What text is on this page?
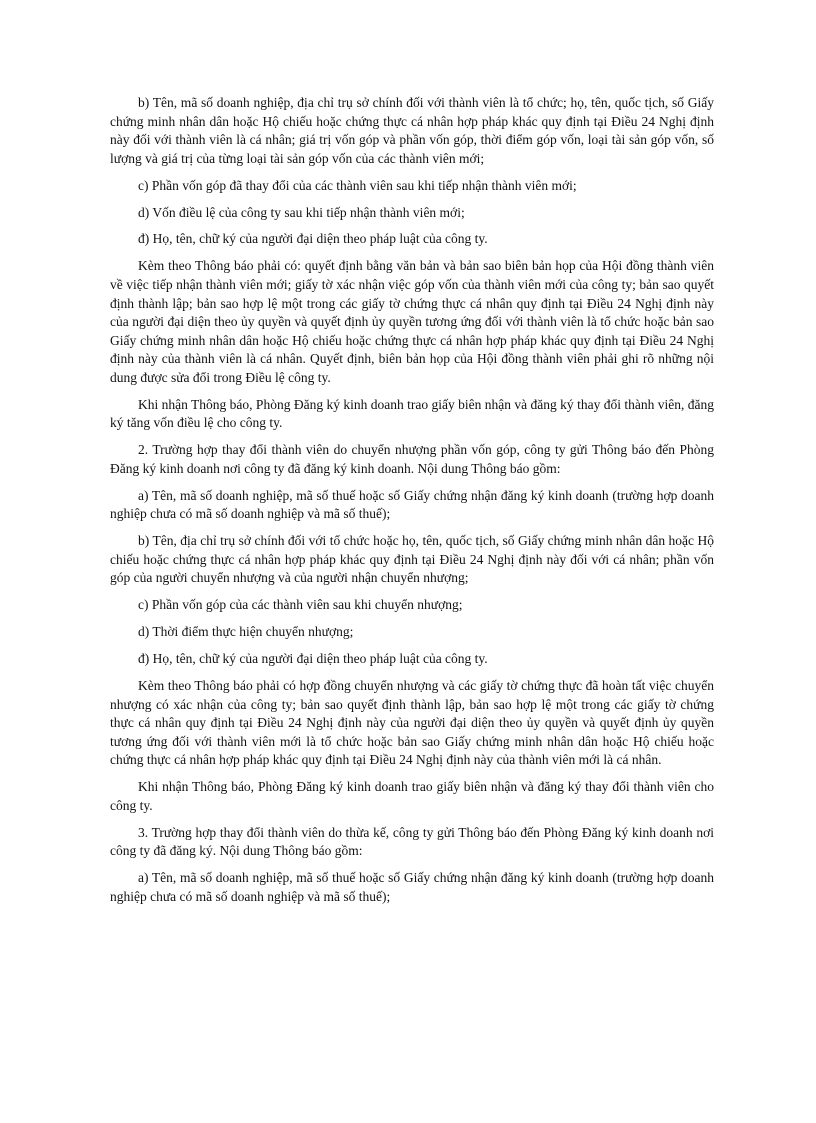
b) Tên, mã số doanh nghiệp, địa chỉ trụ sở chính đối với thành viên là tổ chức; họ, tên, quốc tịch, số Giấy chứng minh nhân dân hoặc Hộ chiếu hoặc chứng thực cá nhân hợp pháp khác quy định tại Điều 24 Nghị định này đối với thành viên là cá nhân; giá trị vốn góp và phần vốn góp, thời điểm góp vốn, loại tài sản góp vốn, số lượng và giá trị của từng loại tài sản góp vốn của các thành viên mới;

c) Phần vốn góp đã thay đổi của các thành viên sau khi tiếp nhận thành viên mới;

d) Vốn điều lệ của công ty sau khi tiếp nhận thành viên mới;

đ) Họ, tên, chữ ký của người đại diện theo pháp luật của công ty.

Kèm theo Thông báo phải có: quyết định bằng văn bản và bản sao biên bản họp của Hội đồng thành viên về việc tiếp nhận thành viên mới; giấy tờ xác nhận việc góp vốn của thành viên mới của công ty; bản sao quyết định thành lập; bản sao hợp lệ một trong các giấy tờ chứng thực cá nhân quy định tại Điều 24 Nghị định này của người đại diện theo ủy quyền và quyết định ủy quyền tương ứng đối với thành viên là tổ chức hoặc bản sao Giấy chứng minh nhân dân hoặc Hộ chiếu hoặc chứng thực cá nhân hợp pháp khác quy định tại Điều 24 Nghị định này của thành viên là cá nhân. Quyết định, biên bản họp của Hội đồng thành viên phải ghi rõ những nội dung được sửa đổi trong Điều lệ công ty.

Khi nhận Thông báo, Phòng Đăng ký kinh doanh trao giấy biên nhận và đăng ký thay đổi thành viên, đăng ký tăng vốn điều lệ cho công ty.

2. Trường hợp thay đổi thành viên do chuyển nhượng phần vốn góp, công ty gửi Thông báo đến Phòng Đăng ký kinh doanh nơi công ty đã đăng ký kinh doanh. Nội dung Thông báo gồm:

a) Tên, mã số doanh nghiệp, mã số thuế hoặc số Giấy chứng nhận đăng ký kinh doanh (trường hợp doanh nghiệp chưa có mã số doanh nghiệp và mã số thuế);

b) Tên, địa chỉ trụ sở chính đối với tổ chức hoặc họ, tên, quốc tịch, số Giấy chứng minh nhân dân hoặc Hộ chiếu hoặc chứng thực cá nhân hợp pháp khác quy định tại Điều 24 Nghị định này đối với cá nhân; phần vốn góp của người chuyển nhượng và của người nhận chuyển nhượng;

c) Phần vốn góp của các thành viên sau khi chuyển nhượng;

d) Thời điểm thực hiện chuyển nhượng;

đ) Họ, tên, chữ ký của người đại diện theo pháp luật của công ty.

Kèm theo Thông báo phải có hợp đồng chuyển nhượng và các giấy tờ chứng thực đã hoàn tất việc chuyển nhượng có xác nhận của công ty; bản sao quyết định thành lập, bản sao hợp lệ một trong các giấy tờ chứng thực cá nhân quy định tại Điều 24 Nghị định này của người đại diện theo ủy quyền và quyết định ủy quyền tương ứng đối với thành viên mới là tổ chức hoặc bản sao Giấy chứng minh nhân dân hoặc Hộ chiếu hoặc chứng thực cá nhân hợp pháp khác quy định tại Điều 24 Nghị định này của thành viên mới là cá nhân.

Khi nhận Thông báo, Phòng Đăng ký kinh doanh trao giấy biên nhận và đăng ký thay đổi thành viên cho công ty.

3. Trường hợp thay đổi thành viên do thừa kế, công ty gửi Thông báo đến Phòng Đăng ký kinh doanh nơi công ty đã đăng ký. Nội dung Thông báo gồm:

a) Tên, mã số doanh nghiệp, mã số thuế hoặc số Giấy chứng nhận đăng ký kinh doanh (trường hợp doanh nghiệp chưa có mã số doanh nghiệp và mã số thuế);
